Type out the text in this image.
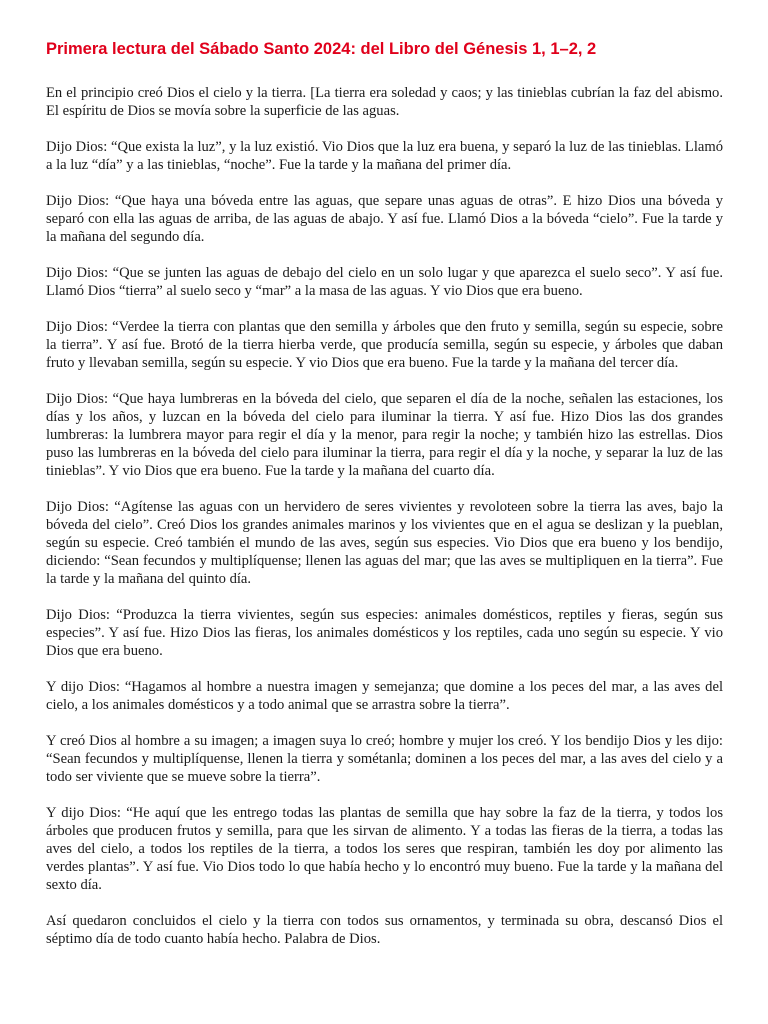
Primera lectura del Sábado Santo 2024: del Libro del Génesis 1, 1–2, 2

En el principio creó Dios el cielo y la tierra. [La tierra era soledad y caos; y las tinieblas cubrían la faz del abismo. El espíritu de Dios se movía sobre la superficie de las aguas.

Dijo Dios: “Que exista la luz”, y la luz existió. Vio Dios que la luz era buena, y separó la luz de las tinieblas. Llamó a la luz “día” y a las tinieblas, “noche”. Fue la tarde y la mañana del primer día.

Dijo Dios: “Que haya una bóveda entre las aguas, que separe unas aguas de otras”. E hizo Dios una bóveda y separó con ella las aguas de arriba, de las aguas de abajo. Y así fue. Llamó Dios a la bóveda “cielo”. Fue la tarde y la mañana del segundo día.

Dijo Dios: “Que se junten las aguas de debajo del cielo en un solo lugar y que aparezca el suelo seco”. Y así fue. Llamó Dios “tierra” al suelo seco y “mar” a la masa de las aguas. Y vio Dios que era bueno.

Dijo Dios: “Verdee la tierra con plantas que den semilla y árboles que den fruto y semilla, según su especie, sobre la tierra”. Y así fue. Brotó de la tierra hierba verde, que producía semilla, según su especie, y árboles que daban fruto y llevaban semilla, según su especie. Y vio Dios que era bueno. Fue la tarde y la mañana del tercer día.

Dijo Dios: “Que haya lumbreras en la bóveda del cielo, que separen el día de la noche, señalen las estaciones, los días y los años, y luzcan en la bóveda del cielo para iluminar la tierra. Y así fue. Hizo Dios las dos grandes lumbreras: la lumbrera mayor para regir el día y la menor, para regir la noche; y también hizo las estrellas. Dios puso las lumbreras en la bóveda del cielo para iluminar la tierra, para regir el día y la noche, y separar la luz de las tinieblas”. Y vio Dios que era bueno. Fue la tarde y la mañana del cuarto día.

Dijo Dios: “Agítense las aguas con un hervidero de seres vivientes y revoloteen sobre la tierra las aves, bajo la bóveda del cielo”. Creó Dios los grandes animales marinos y los vivientes que en el agua se deslizan y la pueblan, según su especie. Creó también el mundo de las aves, según sus especies. Vio Dios que era bueno y los bendijo, diciendo: “Sean fecundos y multiplíquense; llenen las aguas del mar; que las aves se multipliquen en la tierra”. Fue la tarde y la mañana del quinto día.

Dijo Dios: “Produzca la tierra vivientes, según sus especies: animales domésticos, reptiles y fieras, según sus especies”. Y así fue. Hizo Dios las fieras, los animales domésticos y los reptiles, cada uno según su especie. Y vio Dios que era bueno.

Y dijo Dios: “Hagamos al hombre a nuestra imagen y semejanza; que domine a los peces del mar, a las aves del cielo, a los animales domésticos y a todo animal que se arrastra sobre la tierra”.

Y creó Dios al hombre a su imagen; a imagen suya lo creó; hombre y mujer los creó. Y los bendijo Dios y les dijo: “Sean fecundos y multiplíquense, llenen la tierra y sométanla; dominen a los peces del mar, a las aves del cielo y a todo ser viviente que se mueve sobre la tierra”.

Y dijo Dios: “He aquí que les entrego todas las plantas de semilla que hay sobre la faz de la tierra, y todos los árboles que producen frutos y semilla, para que les sirvan de alimento. Y a todas las fieras de la tierra, a todas las aves del cielo, a todos los reptiles de la tierra, a todos los seres que respiran, también les doy por alimento las verdes plantas”. Y así fue. Vio Dios todo lo que había hecho y lo encontró muy bueno. Fue la tarde y la mañana del sexto día.

Así quedaron concluidos el cielo y la tierra con todos sus ornamentos, y terminada su obra, descansó Dios el séptimo día de todo cuanto había hecho. Palabra de Dios.
